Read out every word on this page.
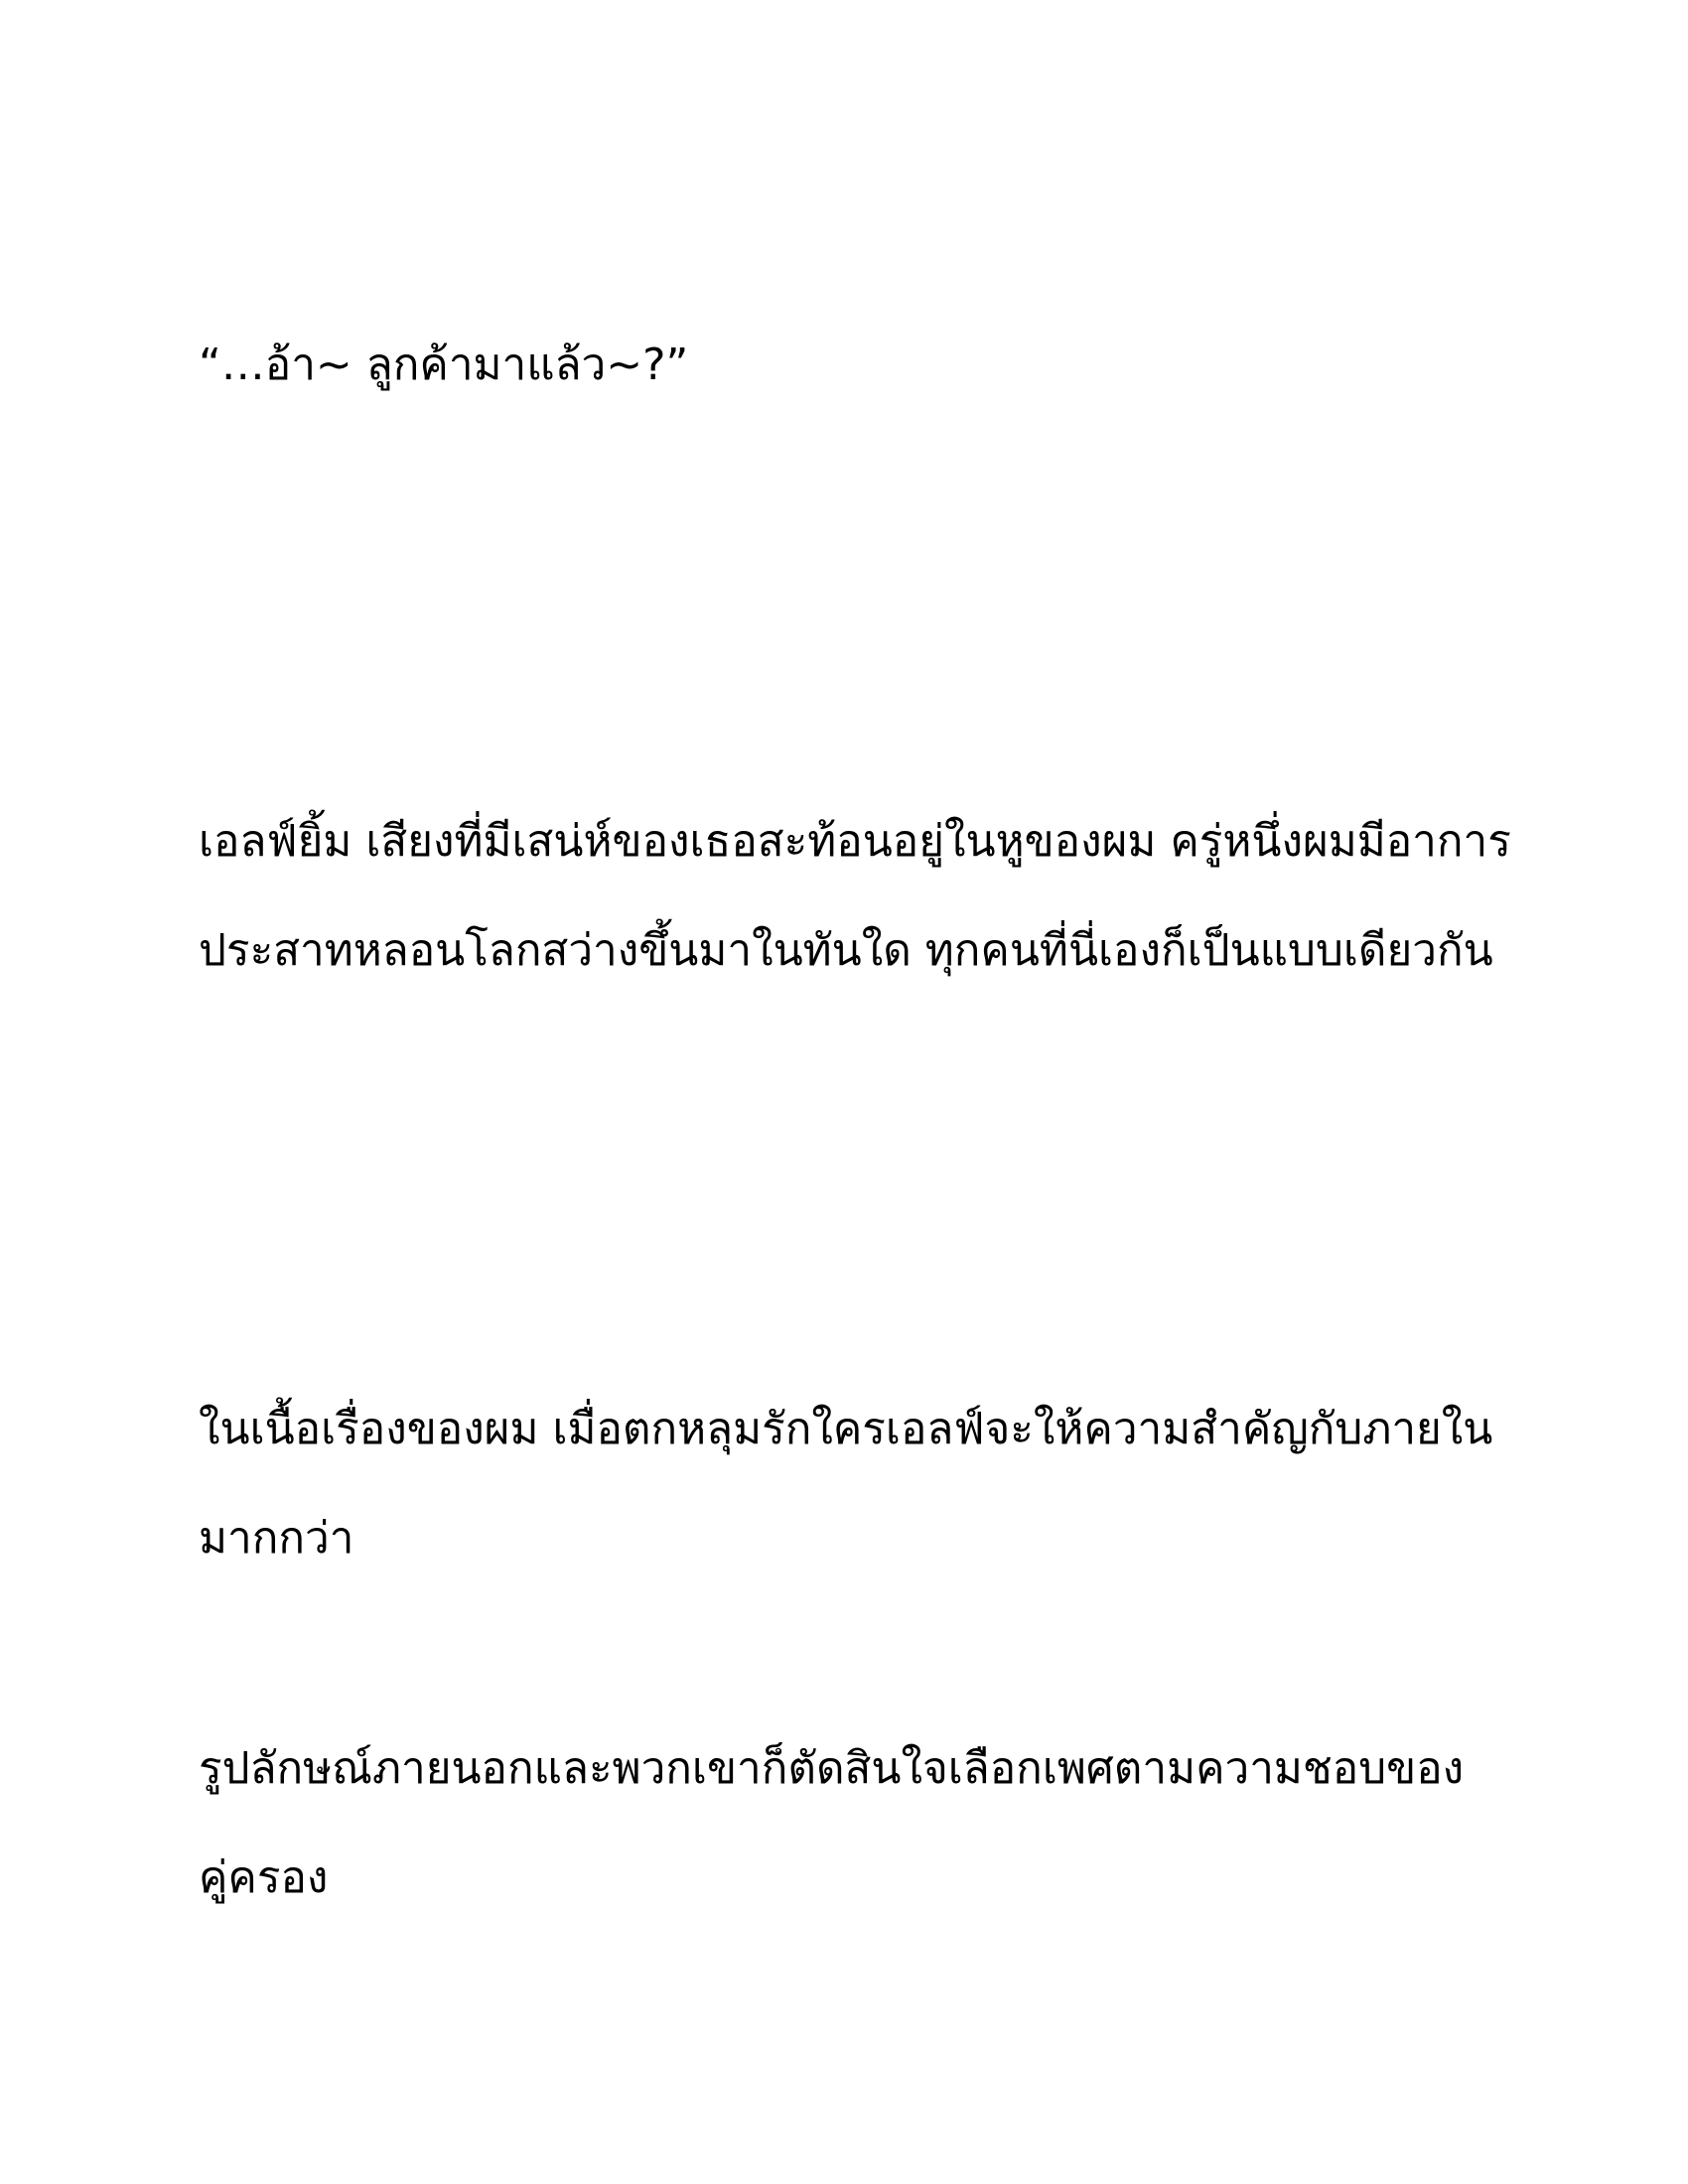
“…อ้า~ ลูกค้ามาแล้ว~?”
เอลฟ์ยิ้ม เสียงที่มีเสน่ห์ของเธอสะท้อนอยู่ในหูของผม ครู่หนึ่งผมมีอาการ
ประสาทหลอนโลกสว่างขึ้นมาในทันใด ทุกคนที่นี่เองก็เป็นแบบเดียวกัน
ในเนื้อเรื่องของผม เมื่อตกหลุมรักใครเอลฟ์จะให้ความสำคัญกับภายใน
มากกว่า
รูปลักษณ์ภายนอกและพวกเขาก็ตัดสินใจเลือกเพศตามความชอบของ
คู่ครอง
